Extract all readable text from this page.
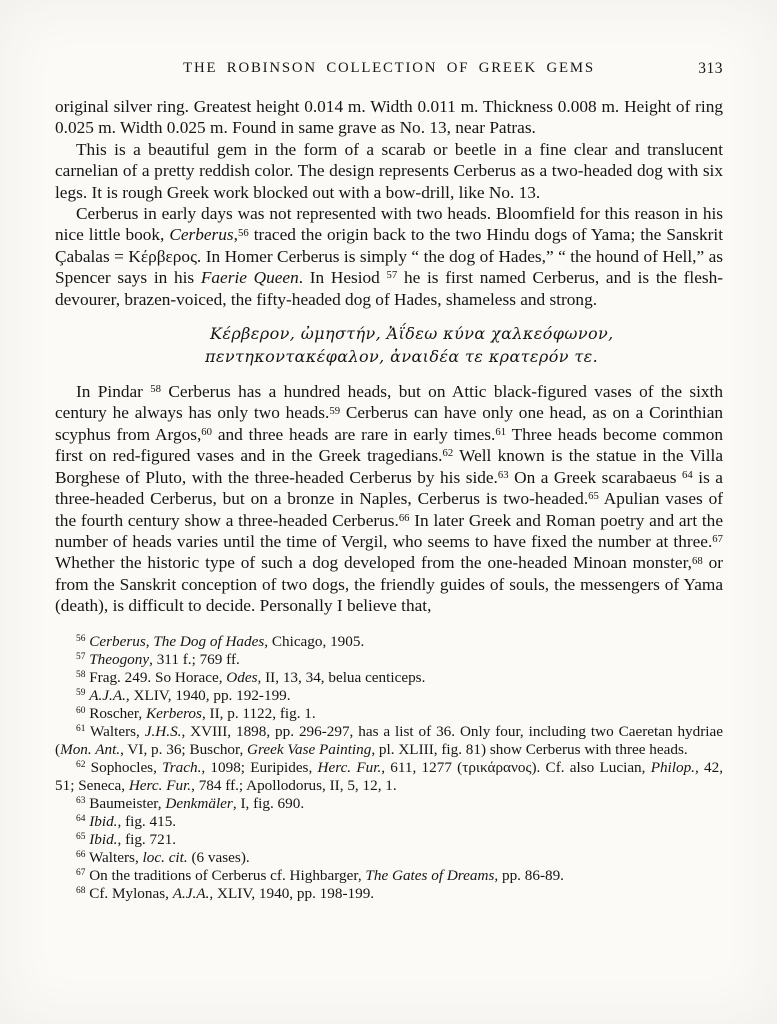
THE ROBINSON COLLECTION OF GREEK GEMS	313

original silver ring. Greatest height 0.014 m. Width 0.011 m. Thickness 0.008 m. Height of ring 0.025 m. Width 0.025 m. Found in same grave as No. 13, near Patras.

This is a beautiful gem in the form of a scarab or beetle in a fine clear and translucent carnelian of a pretty reddish color. The design represents Cerberus as a two-headed dog with six legs. It is rough Greek work blocked out with a bow-drill, like No. 13.

Cerberus in early days was not represented with two heads. Bloomfield for this reason in his nice little book, Cerberus,$^{56}$ traced the origin back to the two Hindu dogs of Yama; the Sanskrit Çabalas = Κέρβερος. In Homer Cerberus is simply “ the dog of Hades,” “ the hound of Hell,” as Spencer says in his Faerie Queen. In Hesiod $^{57}$ he is first named Cerberus, and is the flesh-devourer, brazen-voiced, the fifty-headed dog of Hades, shameless and strong.

Κέρβερον, ὠμηστήν, Ἀΐδεω κύνα χαλκεόφωνον,
πεντηκοντακέφαλον, ἀναιδέα τε κρατερόν τε.

In Pindar $^{58}$ Cerberus has a hundred heads, but on Attic black-figured vases of the sixth century he always has only two heads.$^{59}$ Cerberus can have only one head, as on a Corinthian scyphus from Argos,$^{60}$ and three heads are rare in early times.$^{61}$ Three heads become common first on red-figured vases and in the Greek tragedians.$^{62}$ Well known is the statue in the Villa Borghese of Pluto, with the three-headed Cerberus by his side.$^{63}$ On a Greek scarabaeus $^{64}$ is a three-headed Cerberus, but on a bronze in Naples, Cerberus is two-headed.$^{65}$ Apulian vases of the fourth century show a three-headed Cerberus.$^{66}$ In later Greek and Roman poetry and art the number of heads varies until the time of Vergil, who seems to have fixed the number at three.$^{67}$ Whether the historic type of such a dog developed from the one-headed Minoan monster,$^{68}$ or from the Sanskrit conception of two dogs, the friendly guides of souls, the messengers of Yama (death), is difficult to decide. Personally I believe that,

$^{56}$ Cerberus, The Dog of Hades, Chicago, 1905.

$^{57}$ Theogony, 311 f.; 769 ff.

$^{58}$ Frag. 249. So Horace, Odes, II, 13, 34, belua centiceps.

$^{59}$ A.J.A., XLIV, 1940, pp. 192-199.

$^{60}$ Roscher, Kerberos, II, p. 1122, fig. 1.

$^{61}$ Walters, J.H.S., XVIII, 1898, pp. 296-297, has a list of 36. Only four, including two Caeretan hydriae (Mon. Ant., VI, p. 36; Buschor, Greek Vase Painting, pl. XLIII, fig. 81) show Cerberus with three heads.

$^{62}$ Sophocles, Trach., 1098; Euripides, Herc. Fur., 611, 1277 (τρικάρανος). Cf. also Lucian, Philop., 42, 51; Seneca, Herc. Fur., 784 ff.; Apollodorus, II, 5, 12, 1.

$^{63}$ Baumeister, Denkmäler, I, fig. 690.

$^{64}$ Ibid., fig. 415.

$^{65}$ Ibid., fig. 721.

$^{66}$ Walters, loc. cit. (6 vases).

$^{67}$ On the traditions of Cerberus cf. Highbarger, The Gates of Dreams, pp. 86-89.

$^{68}$ Cf. Mylonas, A.J.A., XLIV, 1940, pp. 198-199.
